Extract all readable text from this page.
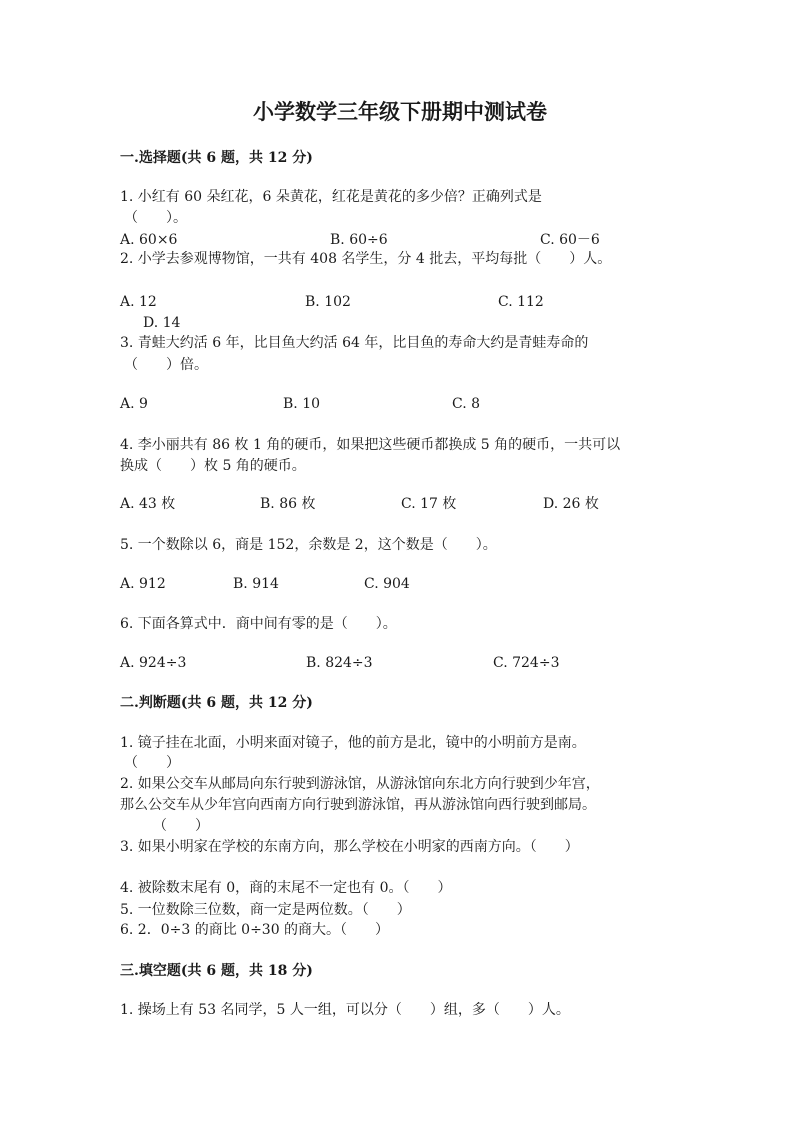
小学数学三年级下册期中测试卷
一.选择题(共 6 题，共 12 分)
1. 小红有 60 朵红花，6 朵黄花，红花是黄花的多少倍？正确列式是
（　　）。
A. 60×6	B. 60÷6	C. 60－6
2. 小学去参观博物馆，一共有 408 名学生，分 4 批去，平均每批（　　）人。
A. 12	B. 102	C. 112
D. 14
3. 青蛙大约活 6 年，比目鱼大约活 64 年，比目鱼的寿命大约是青蛙寿命的
（　　）倍。
A. 9	B. 10	C. 8
4. 李小丽共有 86 枚 1 角的硬币，如果把这些硬币都换成 5 角的硬币，一共可以
换成（　　）枚 5 角的硬币。
A. 43 枚	B. 86 枚	C. 17 枚	D. 26 枚
5. 一个数除以 6，商是 152，余数是 2，这个数是（　　）。
A. 912	B. 914	C. 904
6. 下面各算式中．商中间有零的是（　　）。
A. 924÷3	B. 824÷3	C. 724÷3
二.判断题(共 6 题，共 12 分)
1. 镜子挂在北面，小明来面对镜子，他的前方是北，镜中的小明前方是南。
（　　）
2. 如果公交车从邮局向东行驶到游泳馆，从游泳馆向东北方向行驶到少年宫，
那么公交车从少年宫向西南方向行驶到游泳馆，再从游泳馆向西行驶到邮局。
（　　）
3. 如果小明家在学校的东南方向，那么学校在小明家的西南方向。（　　）
4. 被除数末尾有 0，商的末尾不一定也有 0。（　　）
5. 一位数除三位数，商一定是两位数。（　　）
6. 2．0÷3 的商比 0÷30 的商大。（　　）
三.填空题(共 6 题，共 18 分)
1. 操场上有 53 名同学，5 人一组，可以分（　　）组，多（　　）人。
